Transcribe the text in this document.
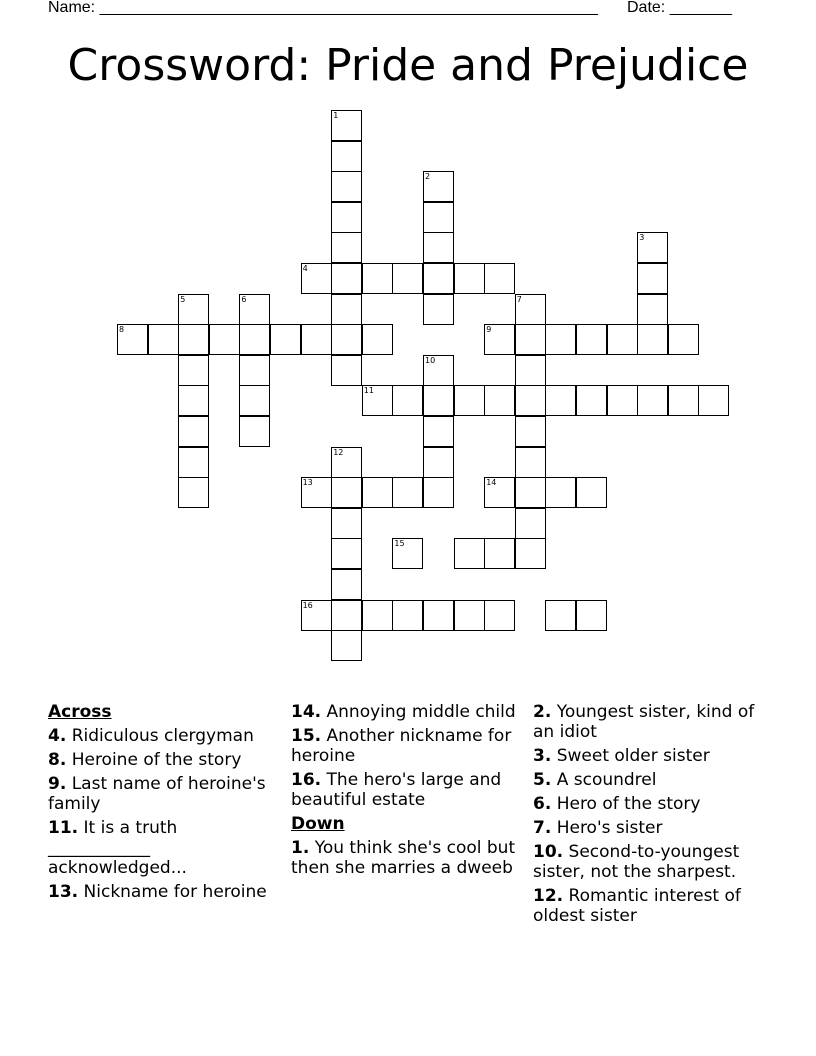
Name: ________________________________________________________ Date: _______
Crossword: Pride and Prejudice
1
2
3
4
5	6	7
8	9
10
11
12
13	14
15
16
Across
4. Ridiculous clergyman
8. Heroine of the story
9. Last name of heroine's family
11. It is a truth ____________ acknowledged...
13. Nickname for heroine
14. Annoying middle child
15. Another nickname for heroine
16. The hero's large and beautiful estate
Down
1. You think she's cool but then she marries a dweeb
2. Youngest sister, kind of an idiot
3. Sweet older sister
5. A scoundrel
6. Hero of the story
7. Hero's sister
10. Second-to-youngest sister, not the sharpest.
12. Romantic interest of oldest sister
